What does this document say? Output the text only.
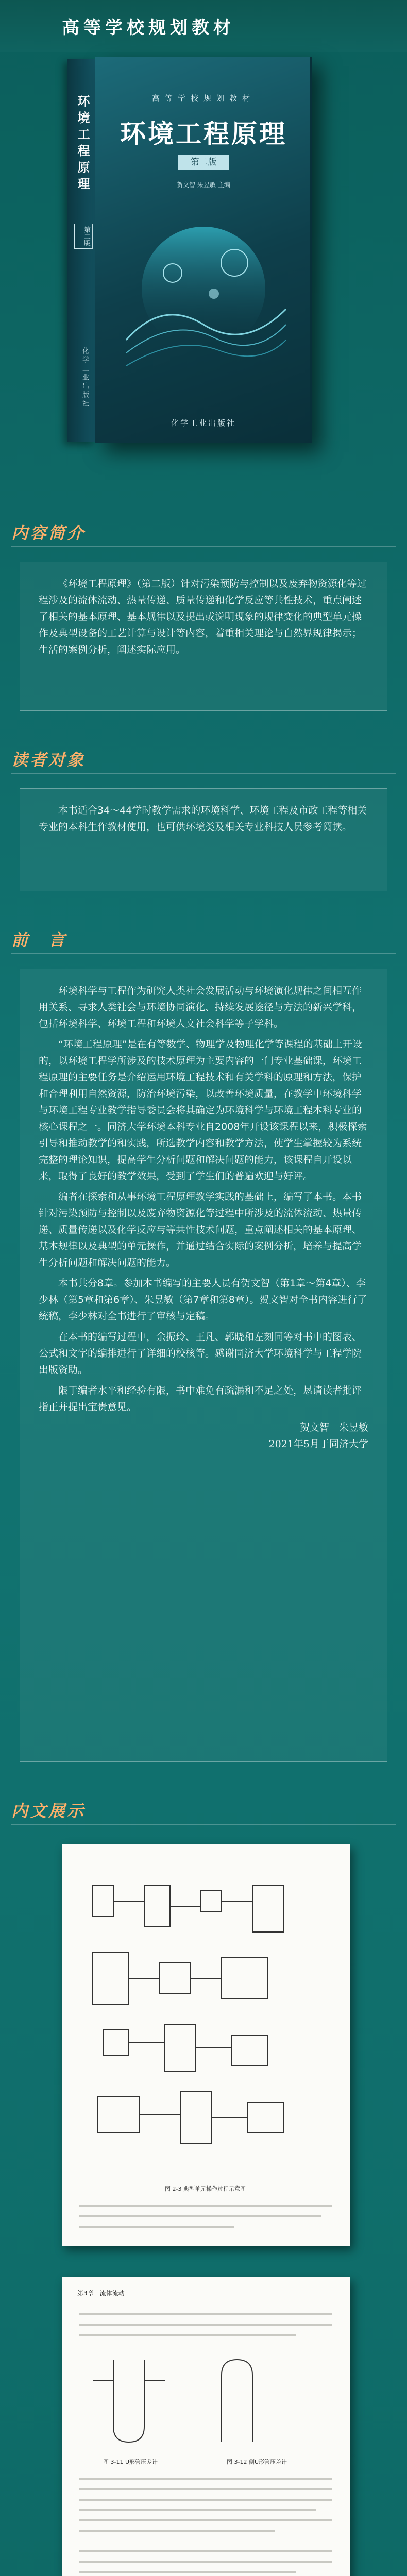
高等学校规划教材
环境工程原理
第二版
化学工业出版社
高等学校规划教材
环境工程原理
第二版
贺文智 朱昱敏 主编
化学工业出版社
内容简介

《环境工程原理》（第二版）针对污染预防与控制以及废弃物资源化等过程涉及的流体流动、热量传递、质量传递和化学反应等共性技术，重点阐述了相关的基本原理、基本规律以及提出或说明现象的规律变化的典型单元操作及典型设备的工艺计算与设计等内容，着重相关理论与自然界规律揭示；生活的案例分析，阐述实际应用。

读者对象

本书适合34～44学时教学需求的环境科学、环境工程及市政工程等相关专业的本科生作教材使用，也可供环境类及相关专业科技人员参考阅读。

前　言

环境科学与工程作为研究人类社会发展活动与环境演化规律之间相互作用关系、寻求人类社会与环境协同演化、持续发展途径与方法的新兴学科，包括环境科学、环境工程和环境人文社会科学等子学科。

“环境工程原理”是在有等数学、物理学及物理化学等课程的基础上开设的，以环境工程学所涉及的技术原理为主要内容的一门专业基础课，环境工程原理的主要任务是介绍运用环境工程技术和有关学科的原理和方法，保护和合理利用自然资源，防治环境污染，以改善环境质量，在教学中环境科学与环境工程专业教学指导委员会将其确定为环境科学与环境工程本科专业的核心课程之一。同济大学环境本科专业自2008年开设该课程以来，积极探索引导和推动教学的和实践，所选教学内容和教学方法，使学生掌握较为系统完整的理论知识，提高学生分析问题和解决问题的能力，该课程自开设以来，取得了良好的教学效果，受到了学生们的普遍欢迎与好评。

编者在探索和从事环境工程原理教学实践的基础上，编写了本书。本书针对污染预防与控制以及废弃物资源化等过程中所涉及的流体流动、热量传递、质量传递以及化学反应与等共性技术问题，重点阐述相关的基本原理、基本规律以及典型的单元操作，并通过结合实际的案例分析，培养与提高学生分析问题和解决问题的能力。

本书共分8章。参加本书编写的主要人员有贺文智（第1章～第4章）、李少林（第5章和第6章）、朱昱敏（第7章和第8章）。贺文智对全书内容进行了统稿，李少林对全书进行了审核与定稿。

在本书的编写过程中，余振玲、王凡、郭晓和左刻同等对书中的图表、公式和文字的编排进行了详细的校核等。感谢同济大学环境科学与工程学院出版资助。

限于编者水平和经验有限，书中难免有疏漏和不足之处，恳请读者批评指正并提出宝贵意见。

贺文智　朱昱敏
2021年5月于同济大学
内文展示
图 2-3 典型单元操作过程示意图
第3章　流体流动
图 3-11 U形管压差计	图 3-12 倒U形管压差计
